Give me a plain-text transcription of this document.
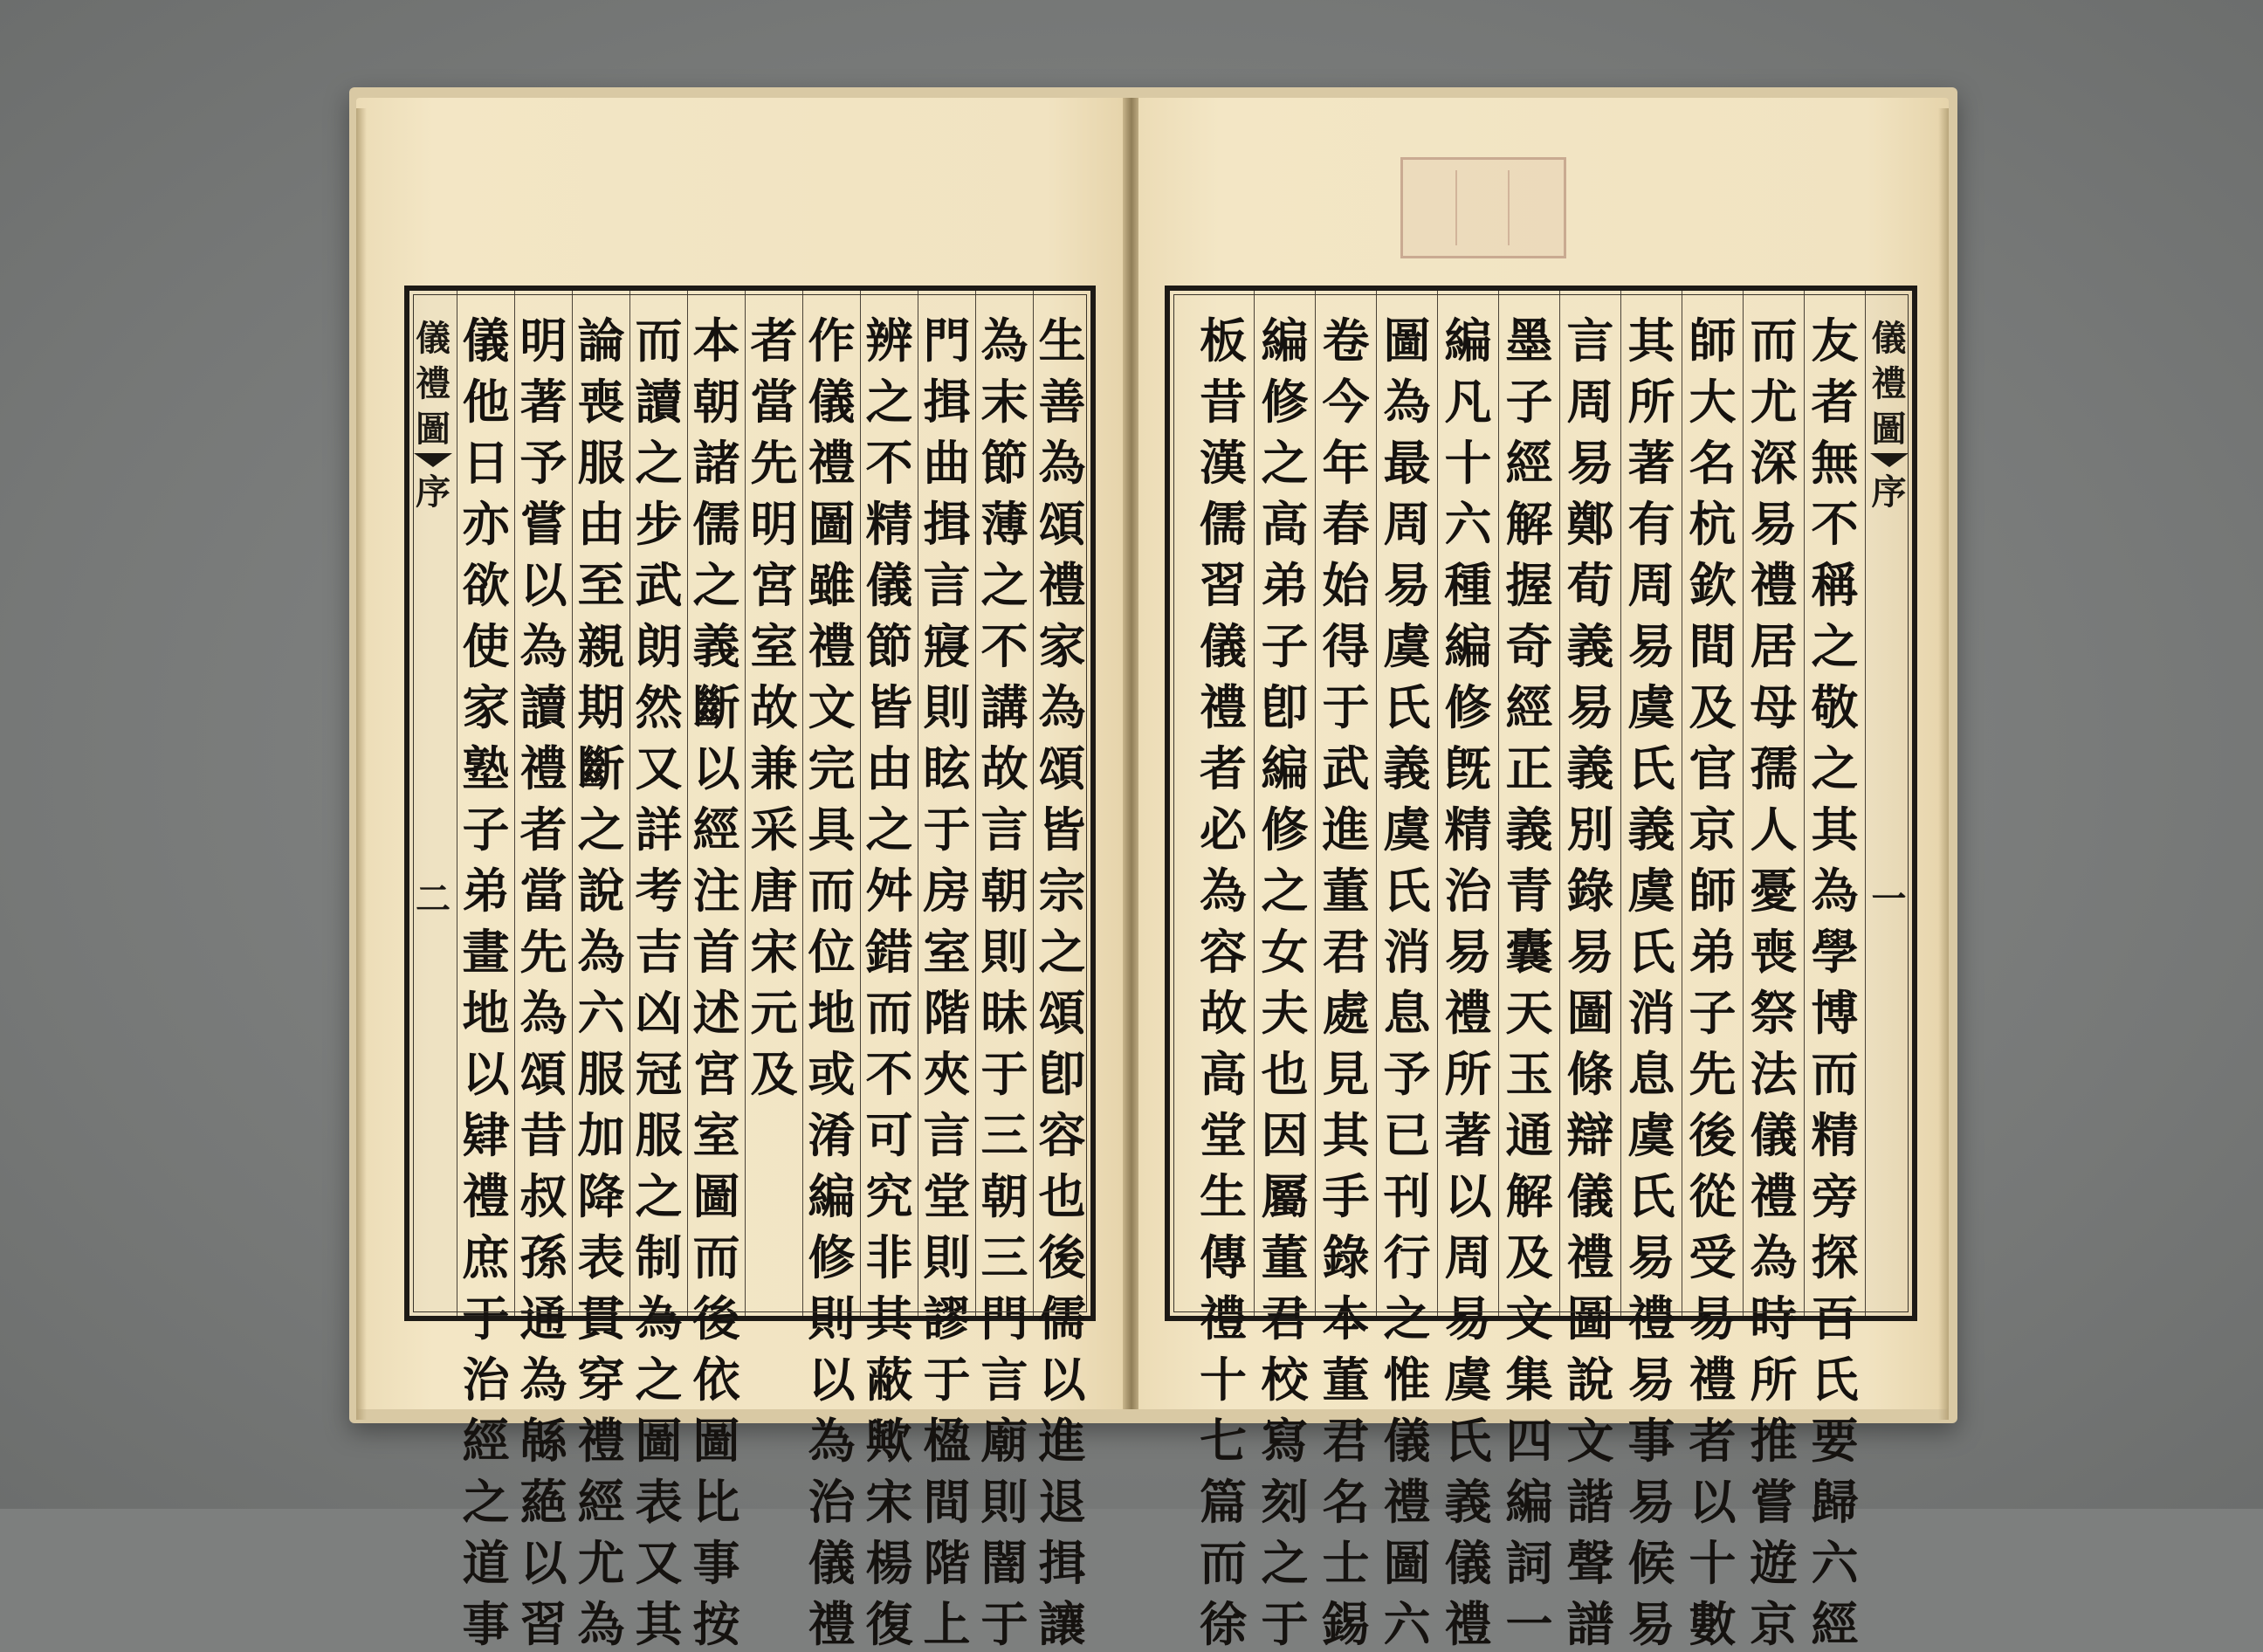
生
善
為
頌
禮
家
為
頌
皆
宗
之
頌
卽
容
也
後
儒
以
進
退
揖
讓
為
末
節
薄
之
不
講
故
言
朝
則
昧
于
三
朝
三
門
言
廟
則
闇
于
門
揖
曲
揖
言
寢
則
眩
于
房
室
階
夾
言
堂
則
謬
于
楹
間
階
上
辨
之
不
精
儀
節
皆
由
之
舛
錯
而
不
可
究
非
其
蔽
歟
宋
楊
復
作
儀
禮
圖
雖
禮
文
完
具
而
位
地
或
淆
編
修
則
以
為
治
儀
禮
者
當
先
明
宮
室
故
兼
采
唐
宋
元
及
本
朝
諸
儒
之
義
斷
以
經
注
首
述
宮
室
圖
而
後
依
圖
比
事
按
而
讀
之
步
武
朗
然
又
詳
考
吉
凶
冠
服
之
制
為
之
圖
表
又
其
論
喪
服
由
至
親
期
斷
之
說
為
六
服
加
降
表
貫
穿
禮
經
尤
為
明
著
予
嘗
以
為
讀
禮
者
當
先
為
頌
昔
叔
孫
通
為
緜
蕝
以
習
儀
他
日
亦
欲
使
家
塾
子
弟
畫
地
以
肄
禮
庶
于
治
經
之
道
事
儀
禮
圖
序
二
儀
禮
圖
序
一
友
者
無
不
稱
之
敬
之
其
為
學
博
而
精
旁
探
百
氏
要
歸
六
經
而
尤
深
易
禮
居
母
孺
人
憂
喪
祭
法
儀
禮
為
時
所
推
嘗
遊
京
師
大
名
杭
欽
間
及
官
京
師
弟
子
先
後
從
受
易
禮
者
以
十
數
其
所
著
有
周
易
虞
氏
義
虞
氏
消
息
虞
氏
易
禮
易
事
易
候
易
言
周
易
鄭
荀
義
易
義
別
錄
易
圖
條
辯
儀
禮
圖
說
文
諧
聲
譜
墨
子
經
解
握
奇
經
正
義
青
囊
天
玉
通
解
及
文
集
四
編
詞
一
編
凡
十
六
種
編
修
旣
精
治
易
禮
所
著
以
周
易
虞
氏
義
儀
禮
圖
為
最
周
易
虞
氏
義
虞
氏
消
息
予
已
刊
行
之
惟
儀
禮
圖
六
卷
今
年
春
始
得
于
武
進
董
君
處
見
其
手
錄
本
董
君
名
士
錫
編
修
之
高
弟
子
卽
編
修
之
女
夫
也
因
屬
董
君
校
寫
刻
之
于
板
昔
漢
儒
習
儀
禮
者
必
為
容
故
高
堂
生
傳
禮
十
七
篇
而
徐
